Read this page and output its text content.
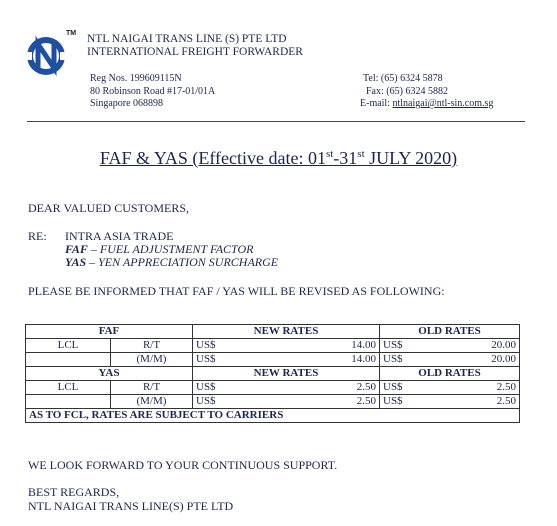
TM NTL NAIGAI TRANS LINE (S) PTE LTD
INTERNATIONAL FREIGHT FORWARDER
Reg Nos. 199609115N
80 Robinson Road #17-01/01A
Singapore 068898
Tel: (65) 6324 5878
Fax: (65) 6324 5882
E-mail: ntlnaigai@ntl-sin.com.sg
FAF & YAS (Effective date: 01st-31st JULY 2020)
DEAR VALUED CUSTOMERS,
RE: INTRA ASIA TRADE
FAF – FUEL ADJUSTMENT FACTOR
YAS – YEN APPRECIATION SURCHARGE
PLEASE BE INFORMED THAT FAF / YAS WILL BE REVISED AS FOLLOWING:
FAF		NEW RATES		OLD RATES	
LCL	R/T	US$	14.00	US$	20.00
	(M/M)	US$	14.00	US$	20.00
YAS		NEW RATES		OLD RATES	
LCL	R/T	US$	2.50	US$	2.50
	(M/M)	US$	2.50	US$	2.50
AS TO FCL, RATES ARE SUBJECT TO CARRIERS					
WE LOOK FORWARD TO YOUR CONTINUOUS SUPPORT.
BEST REGARDS,
NTL NAIGAI TRANS LINE(S) PTE LTD
